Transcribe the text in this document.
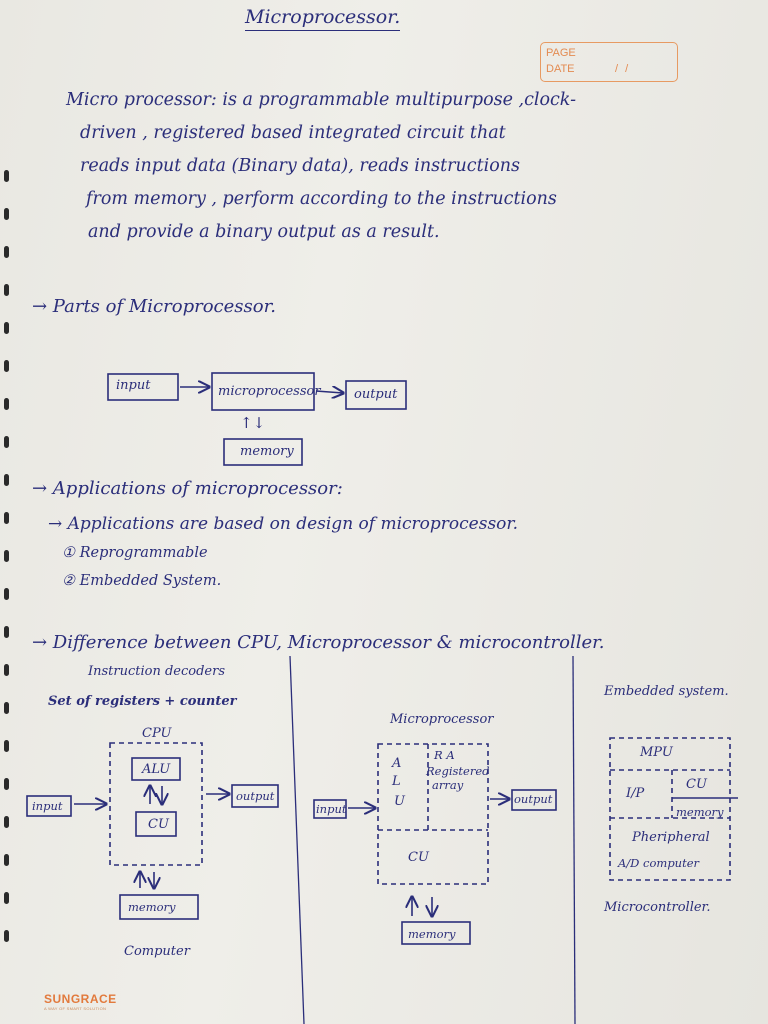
Microprocessor.
PAGE
DATE	/ /
Micro processor: is a programmable multipurpose ,clock-
driven , registered based integrated circuit that
reads input data (Binary data), reads instructions
from memory , perform according to the instructions
and provide a binary output as a result.
→ Parts of Microprocessor.
input	microprocessor	output
↑↓
memory
→ Applications of microprocessor:
→ Applications are based on design of microprocessor.
① Reprogrammable
② Embedded System.
→ Difference between CPU, Microprocessor & microcontroller.
Instruction decoders
Set of registers + counter
CPU
ALU
CU
input
output
memory
Computer
Microprocessor
A
L
U
R A
Registered
array
CU
input
output
memory
Embedded system.
MPU
I/P
CU
memory
Pheripheral
A/D computer
Microcontroller.
SUNGRACE
A WAY OF SMART SOLUTION
